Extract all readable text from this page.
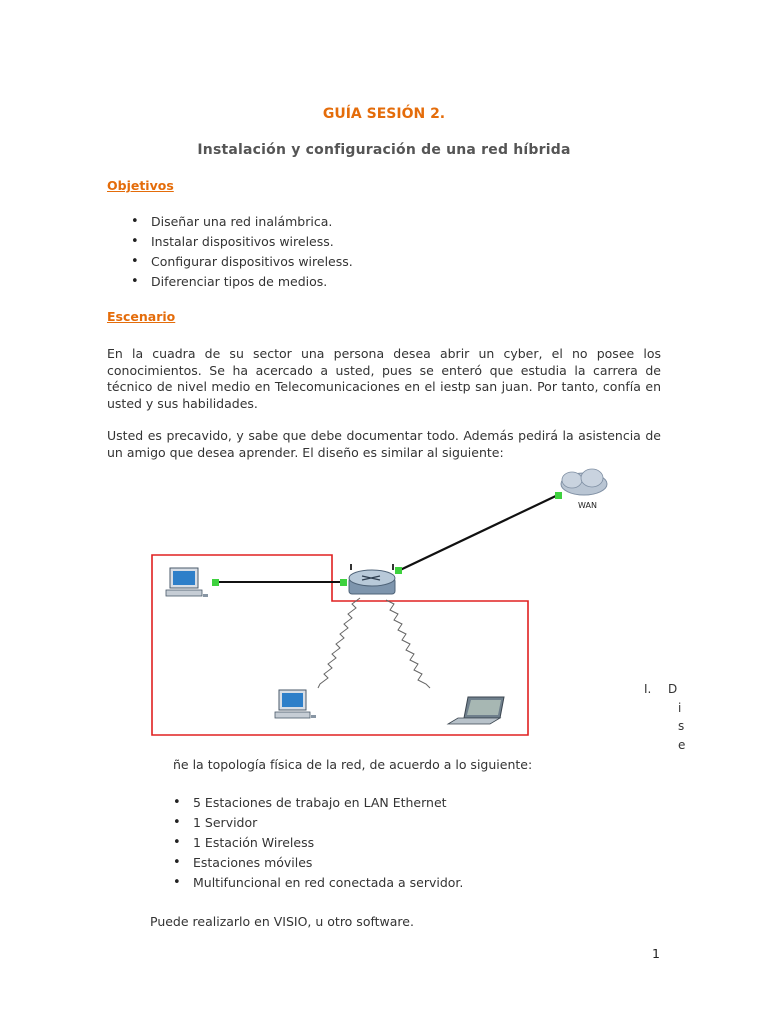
GUÍA SESIÓN 2.

Instalación y configuración de una red híbrida

Objetivos

• Diseñar una red inalámbrica.
• Instalar dispositivos wireless.
• Configurar dispositivos wireless.
• Diferenciar tipos de medios.

Escenario

En la cuadra de su sector una persona desea abrir un cyber, el no posee los conocimientos. Se ha acercado a usted, pues se enteró que estudia la carrera de técnico de nivel medio en Telecomunicaciones en el iestp san juan. Por tanto, confía en usted y sus habilidades.

Usted es precavido, y sabe que debe documentar todo. Además pedirá la asistencia de un amigo que desea aprender. El diseño es similar al siguiente:

WAN
I. D
i
s
e

ñe la topología física de la red, de acuerdo a lo siguiente:

• 5 Estaciones de trabajo en LAN Ethernet
• 1 Servidor
• 1 Estación Wireless
• Estaciones móviles
• Multifuncional en red conectada a servidor.

Puede realizarlo en VISIO, u otro software.

1
